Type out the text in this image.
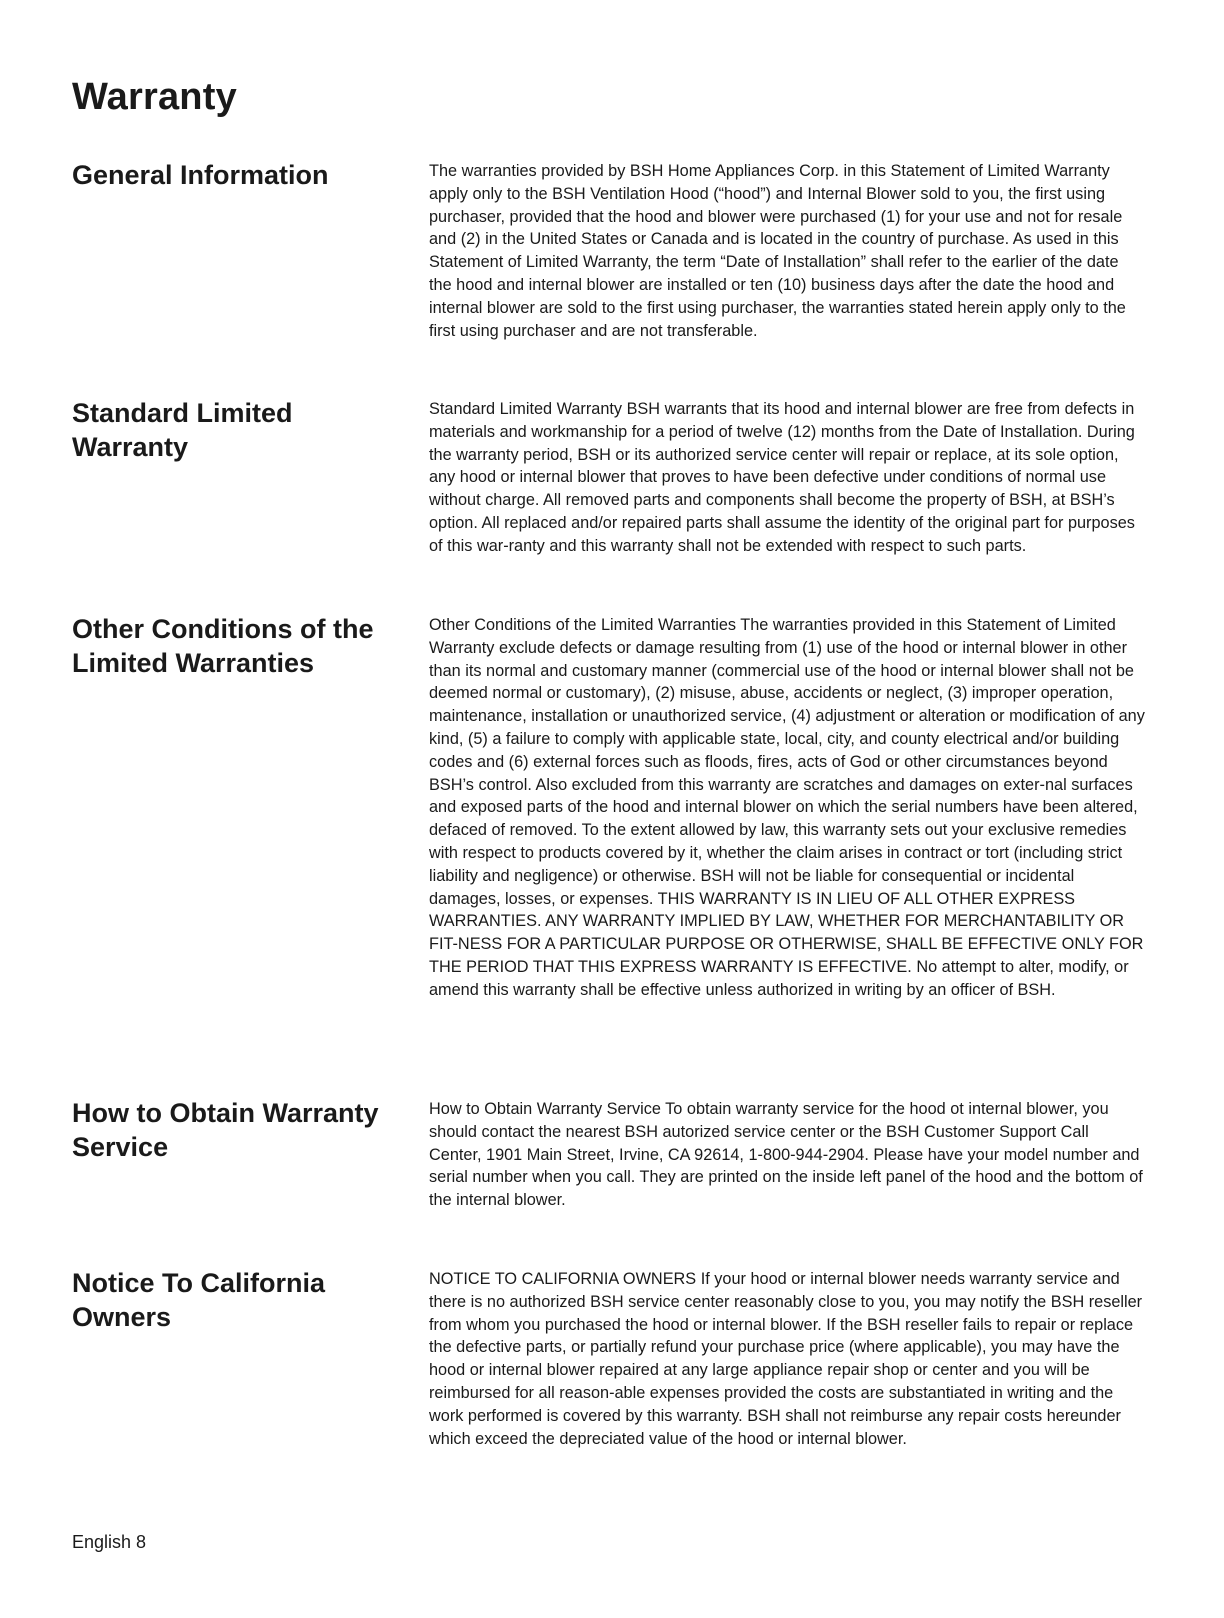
Warranty
General Information	The warranties provided by BSH Home Appliances Corp. in this Statement of Limited Warranty apply only to the BSH Ventilation Hood (“hood”) and Internal Blower sold to you, the first using purchaser, provided that the hood and blower were purchased (1) for your use and not for resale and (2) in the United States or Canada and is located in the country of purchase. As used in this Statement of Limited Warranty, the term “Date of Installation” shall refer to the earlier of the date the hood and internal blower are installed or ten (10) business days after the date the hood and internal blower are sold to the first using purchaser, the warranties stated herein apply only to the first using purchaser and are not transferable.

Standard Limited Warranty

Standard Limited Warranty BSH warrants that its hood and internal blower are free from defects in materials and workmanship for a period of twelve (12) months from the Date of Installation. During the warranty period, BSH or its authorized service center will repair or replace, at its sole option, any hood or internal blower that proves to have been defective under conditions of normal use without charge. All removed parts and components shall become the property of BSH, at BSH’s option. All replaced and/or repaired parts shall assume the identity of the original part for purposes of this war-ranty and this warranty shall not be extended with respect to such parts.

Other Conditions of the Limited Warranties

Other Conditions of the Limited Warranties The warranties provided in this Statement of Limited Warranty exclude defects or damage resulting from (1) use of the hood or internal blower in other than its normal and customary manner (commercial use of the hood or internal blower shall not be deemed normal or customary), (2) misuse, abuse, accidents or neglect, (3) improper operation, maintenance, installation or unauthorized service, (4) adjustment or alteration or modification of any kind, (5) a failure to comply with applicable state, local, city, and county electrical and/or building codes and (6) external forces such as floods, fires, acts of God or other circumstances beyond BSH’s control. Also excluded from this warranty are scratches and damages on exter-nal surfaces and exposed parts of the hood and internal blower on which the serial numbers have been altered, defaced of removed. To the extent allowed by law, this warranty sets out your exclusive remedies with respect to products covered by it, whether the claim arises in contract or tort (including strict liability and negligence) or otherwise. BSH will not be liable for consequential or incidental damages, losses, or expenses. THIS WARRANTY IS IN LIEU OF ALL OTHER EXPRESS WARRANTIES. ANY WARRANTY IMPLIED BY LAW, WHETHER FOR MERCHANTABILITY OR FIT-NESS FOR A PARTICULAR PURPOSE OR OTHERWISE, SHALL BE EFFECTIVE ONLY FOR THE PERIOD THAT THIS EXPRESS WARRANTY IS EFFECTIVE. No attempt to alter, modify, or amend this warranty shall be effective unless authorized in writing by an officer of BSH.

How to Obtain Warranty Service

How to Obtain Warranty Service To obtain warranty service for the hood ot internal blower, you should contact the nearest BSH autorized service center or the BSH Customer Support Call Center, 1901 Main Street, Irvine, CA 92614, 1-800-944-2904. Please have your model number and serial number when you call. They are printed on the inside left panel of the hood and the bottom of the internal blower.

Notice To California Owners

NOTICE TO CALIFORNIA OWNERS If your hood or internal blower needs warranty service and there is no authorized BSH service center reasonably close to you, you may notify the BSH reseller from whom you purchased the hood or internal blower. If the BSH reseller fails to repair or replace the defective parts, or partially refund your purchase price (where applicable), you may have the hood or internal blower repaired at any large appliance repair shop or center and you will be reimbursed for all reason-able expenses provided the costs are substantiated in writing and the work performed is covered by this warranty. BSH shall not reimburse any repair costs hereunder which exceed the depreciated value of the hood or internal blower.

English 8
